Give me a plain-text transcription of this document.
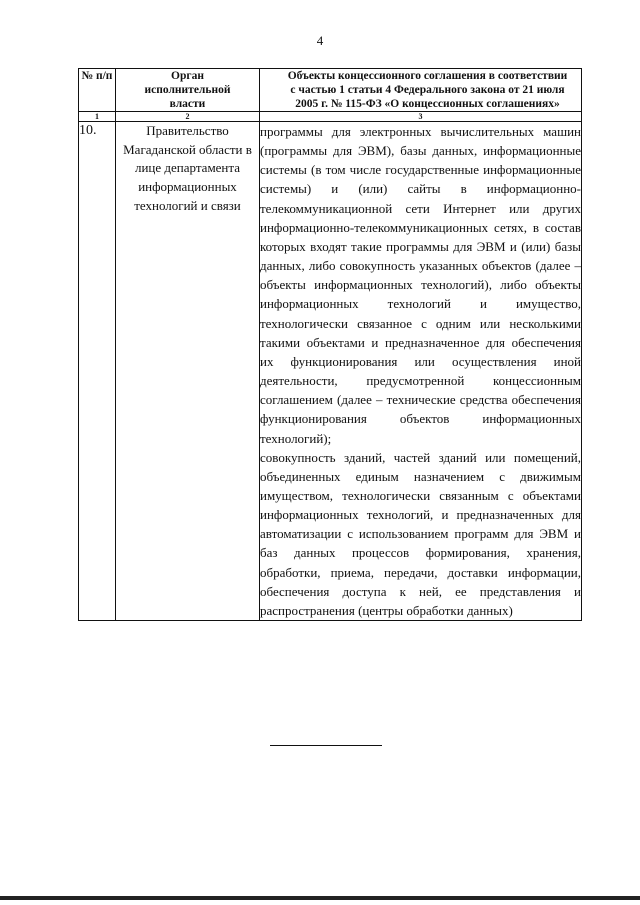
4
№ п/п	Орган исполнительной власти	Объекты концессионного соглашения в соответствии с частью 1 статьи 4 Федерального закона от 21 июля 2005 г. № 115-ФЗ «О концессионных соглашениях»
1	2	3
10.	Правительство Магаданской области в лице департамента информационных технологий и связи	программы для электронных вычислительных машин (программы для ЭВМ), базы данных, информационные системы (в том числе государственные информационные системы) и (или) сайты в информационно-телекоммуникационной сети Интернет или других информационно-телекоммуникационных сетях, в состав которых входят такие программы для ЭВМ и (или) базы данных, либо совокупность указанных объектов (далее – объекты информационных технологий), либо объекты информационных технологий и имущество, технологически связанное с одним или несколькими такими объектами и предназначенное для обеспечения их функционирования или осуществления иной деятельности, предусмотренной концессионным соглашением (далее – технические средства обеспечения функционирования объектов информационных технологий);

совокупность зданий, частей зданий или помещений, объединенных единым назначением с движимым имуществом, технологически связанным с объектами информационных технологий, и предназначенных для автоматизации с использованием программ для ЭВМ и баз данных процессов формирования, хранения, обработки, приема, передачи, доставки информации, обеспечения доступа к ней, ее представления и распространения (центры обработки данных)
